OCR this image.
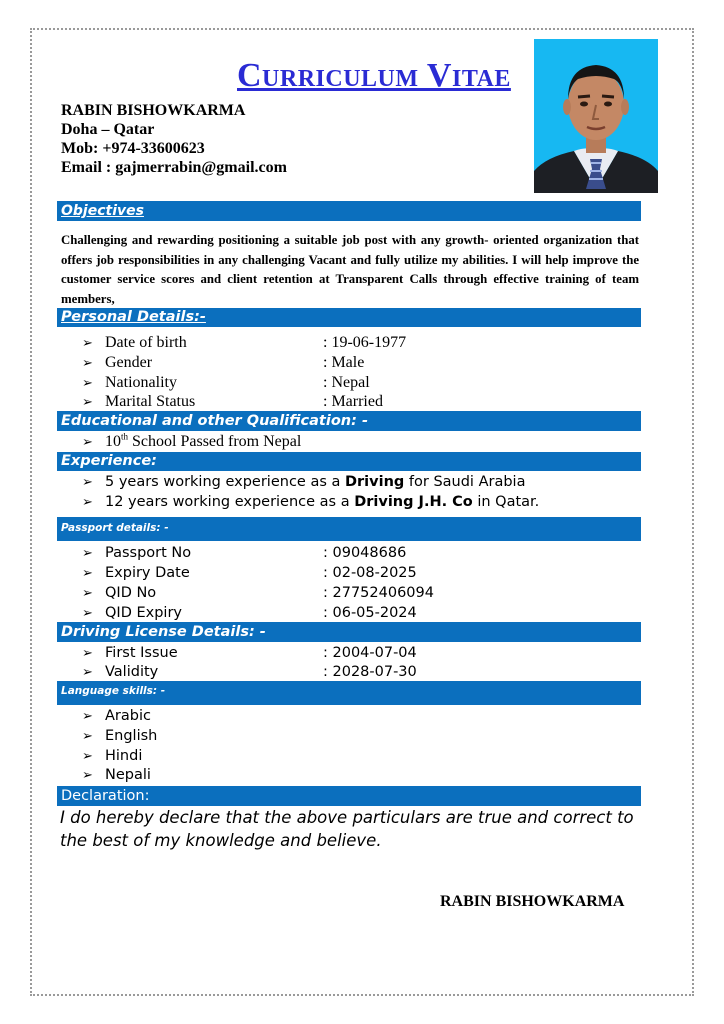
Curriculum Vitae
RABIN BISHOWKARMA
Doha – Qatar
Mob: +974-33600623
Email : gajmerrabin@gmail.com
Objectives
Challenging and rewarding positioning a suitable job post with any growth- oriented organization that offers job responsibilities in any challenging Vacant and fully utilize my abilities. I will help improve the customer service scores and client retention at Transparent Calls through effective training of team members,
Personal Details:-
➢ Date of birth	: 19-06-1977
➢ Gender	: Male
➢ Nationality	: Nepal
➢ Marital Status	: Married
Educational and other Qualification: -
➢ 10th School Passed from Nepal
Experience:
➢ 5 years working experience as a Driving for Saudi Arabia
➢ 12 years working experience as a Driving J.H. Co in Qatar.
Passport details: -
➢ Passport No	: 09048686
➢ Expiry Date	: 02-08-2025
➢ QID No	: 27752406094
➢ QID Expiry	: 06-05-2024
Driving License Details: -
➢ First Issue	: 2004-07-04
➢ Validity	: 2028-07-30
Language skills: -
➢ Arabic
➢ English
➢ Hindi
➢ Nepali
Declaration:
I do hereby declare that the above particulars are true and correct to the best of my knowledge and believe.
RABIN BISHOWKARMA
